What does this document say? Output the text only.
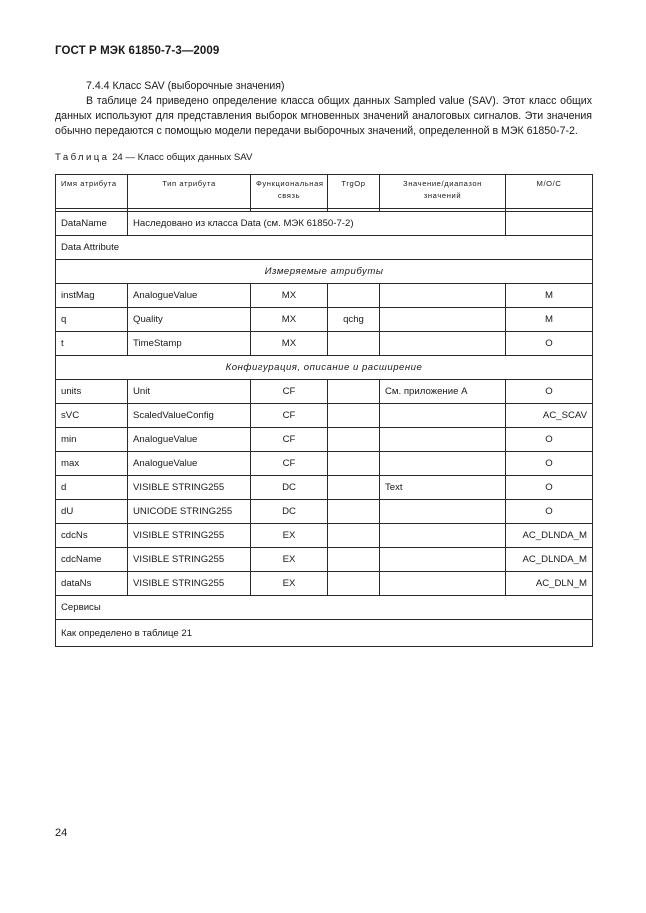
ГОСТ Р МЭК 61850-7-3—2009
7.4.4 Класс SAV (выборочные значения)

В таблице 24 приведено определение класса общих данных Sampled value (SAV). Этот класс общих данных используют для представления выборок мгновенных значений аналоговых сигналов. Эти значения обычно передаются с помощью модели передачи выборочных значений, определенной в МЭК 61850-7-2.

Таблица 24 — Класс общих данных SAV
Имя атрибута	Тип атрибута	Функциональная связь	TrgOp	Значение/диапазон значений	M/O/C

DataName	Наследовано из класса Data (см. МЭК 61850-7-2)				
Data Attribute					
Измеряемые атрибуты					
instMag	AnalogueValue	MX			M
q	Quality	MX	qchg		M
t	TimeStamp	MX			O
Конфигурация, описание и расширение					
units	Unit	CF		См. приложение А	O
sVC	ScaledValueConfig	CF			AC_SCAV
min	AnalogueValue	CF			O
max	AnalogueValue	CF			O
d	VISIBLE STRING255	DC		Text	O
dU	UNICODE STRING255	DC			O
cdcNs	VISIBLE STRING255	EX			AC_DLNDA_M
cdcName	VISIBLE STRING255	EX			AC_DLNDA_M
dataNs	VISIBLE STRING255	EX			AC_DLN_M
Сервисы					
Как определено в таблице 21					
24
